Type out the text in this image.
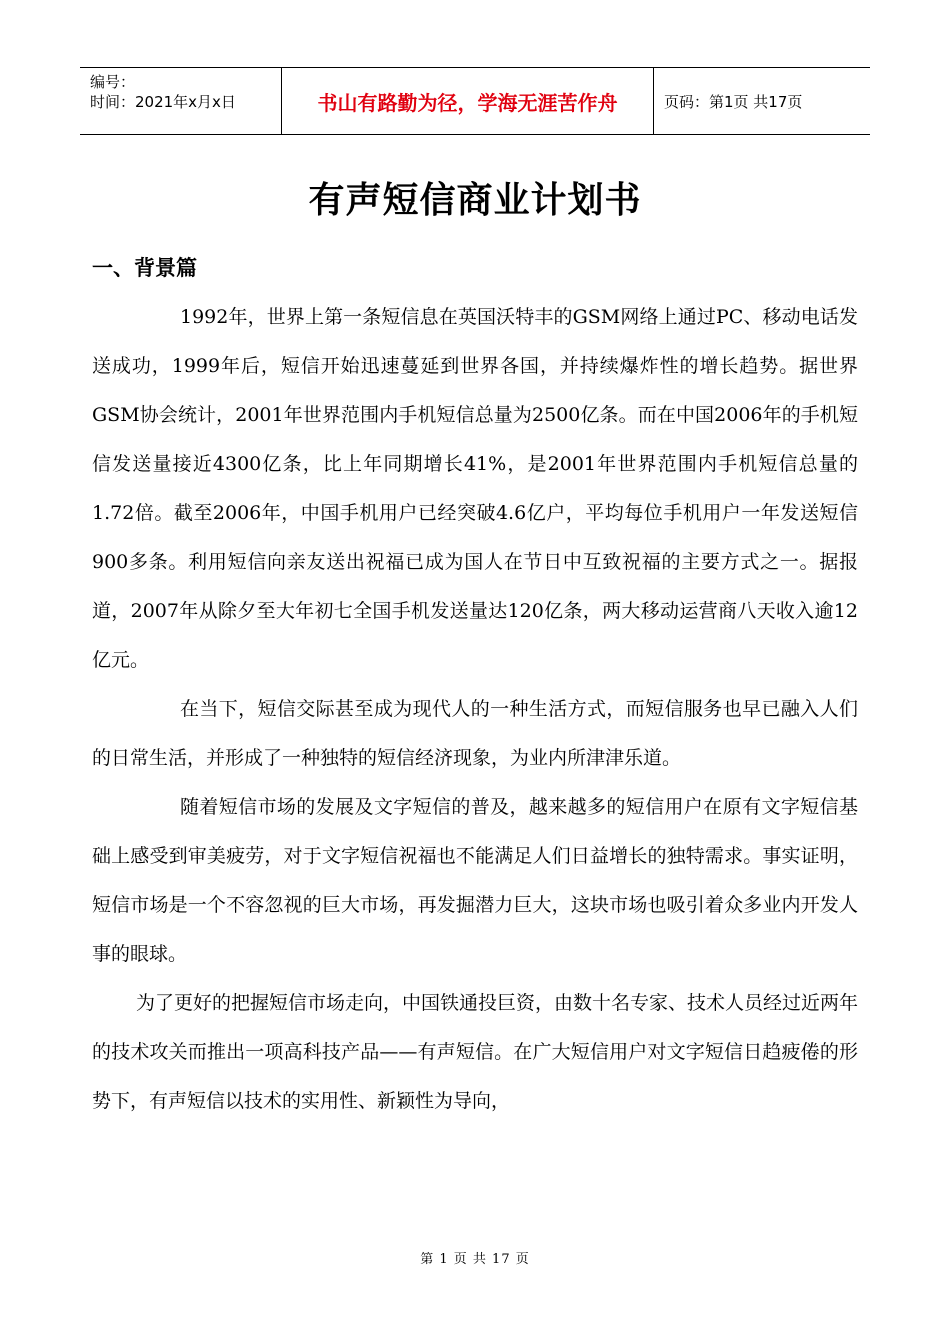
编号：
时间：2021年x月x日	书山有路勤为径，学海无涯苦作舟	页码：第1页 共17页
有声短信商业计划书
一、背景篇

1992年，世界上第一条短信息在英国沃特丰的GSM网络上通过PC、移动电话发送成功，1999年后，短信开始迅速蔓延到世界各国，并持续爆炸性的增长趋势。据世界GSM协会统计，2001年世界范围内手机短信总量为2500亿条。而在中国2006年的手机短信发送量接近4300亿条，比上年同期增长41%，是2001年世界范围内手机短信总量的1.72倍。截至2006年，中国手机用户已经突破4.6亿户，平均每位手机用户一年发送短信900多条。利用短信向亲友送出祝福已成为国人在节日中互致祝福的主要方式之一。据报道，2007年从除夕至大年初七全国手机发送量达120亿条，两大移动运营商八天收入逾12亿元。

在当下，短信交际甚至成为现代人的一种生活方式，而短信服务也早已融入人们的日常生活，并形成了一种独特的短信经济现象，为业内所津津乐道。

随着短信市场的发展及文字短信的普及，越来越多的短信用户在原有文字短信基础上感受到审美疲劳，对于文字短信祝福也不能满足人们日益增长的独特需求。事实证明，短信市场是一个不容忽视的巨大市场，再发掘潜力巨大，这块市场也吸引着众多业内开发人事的眼球。

为了更好的把握短信市场走向，中国铁通投巨资，由数十名专家、技术人员经过近两年的技术攻关而推出一项高科技产品——有声短信。在广大短信用户对文字短信日趋疲倦的形势下，有声短信以技术的实用性、新颖性为导向，

第 1 页 共 17 页
